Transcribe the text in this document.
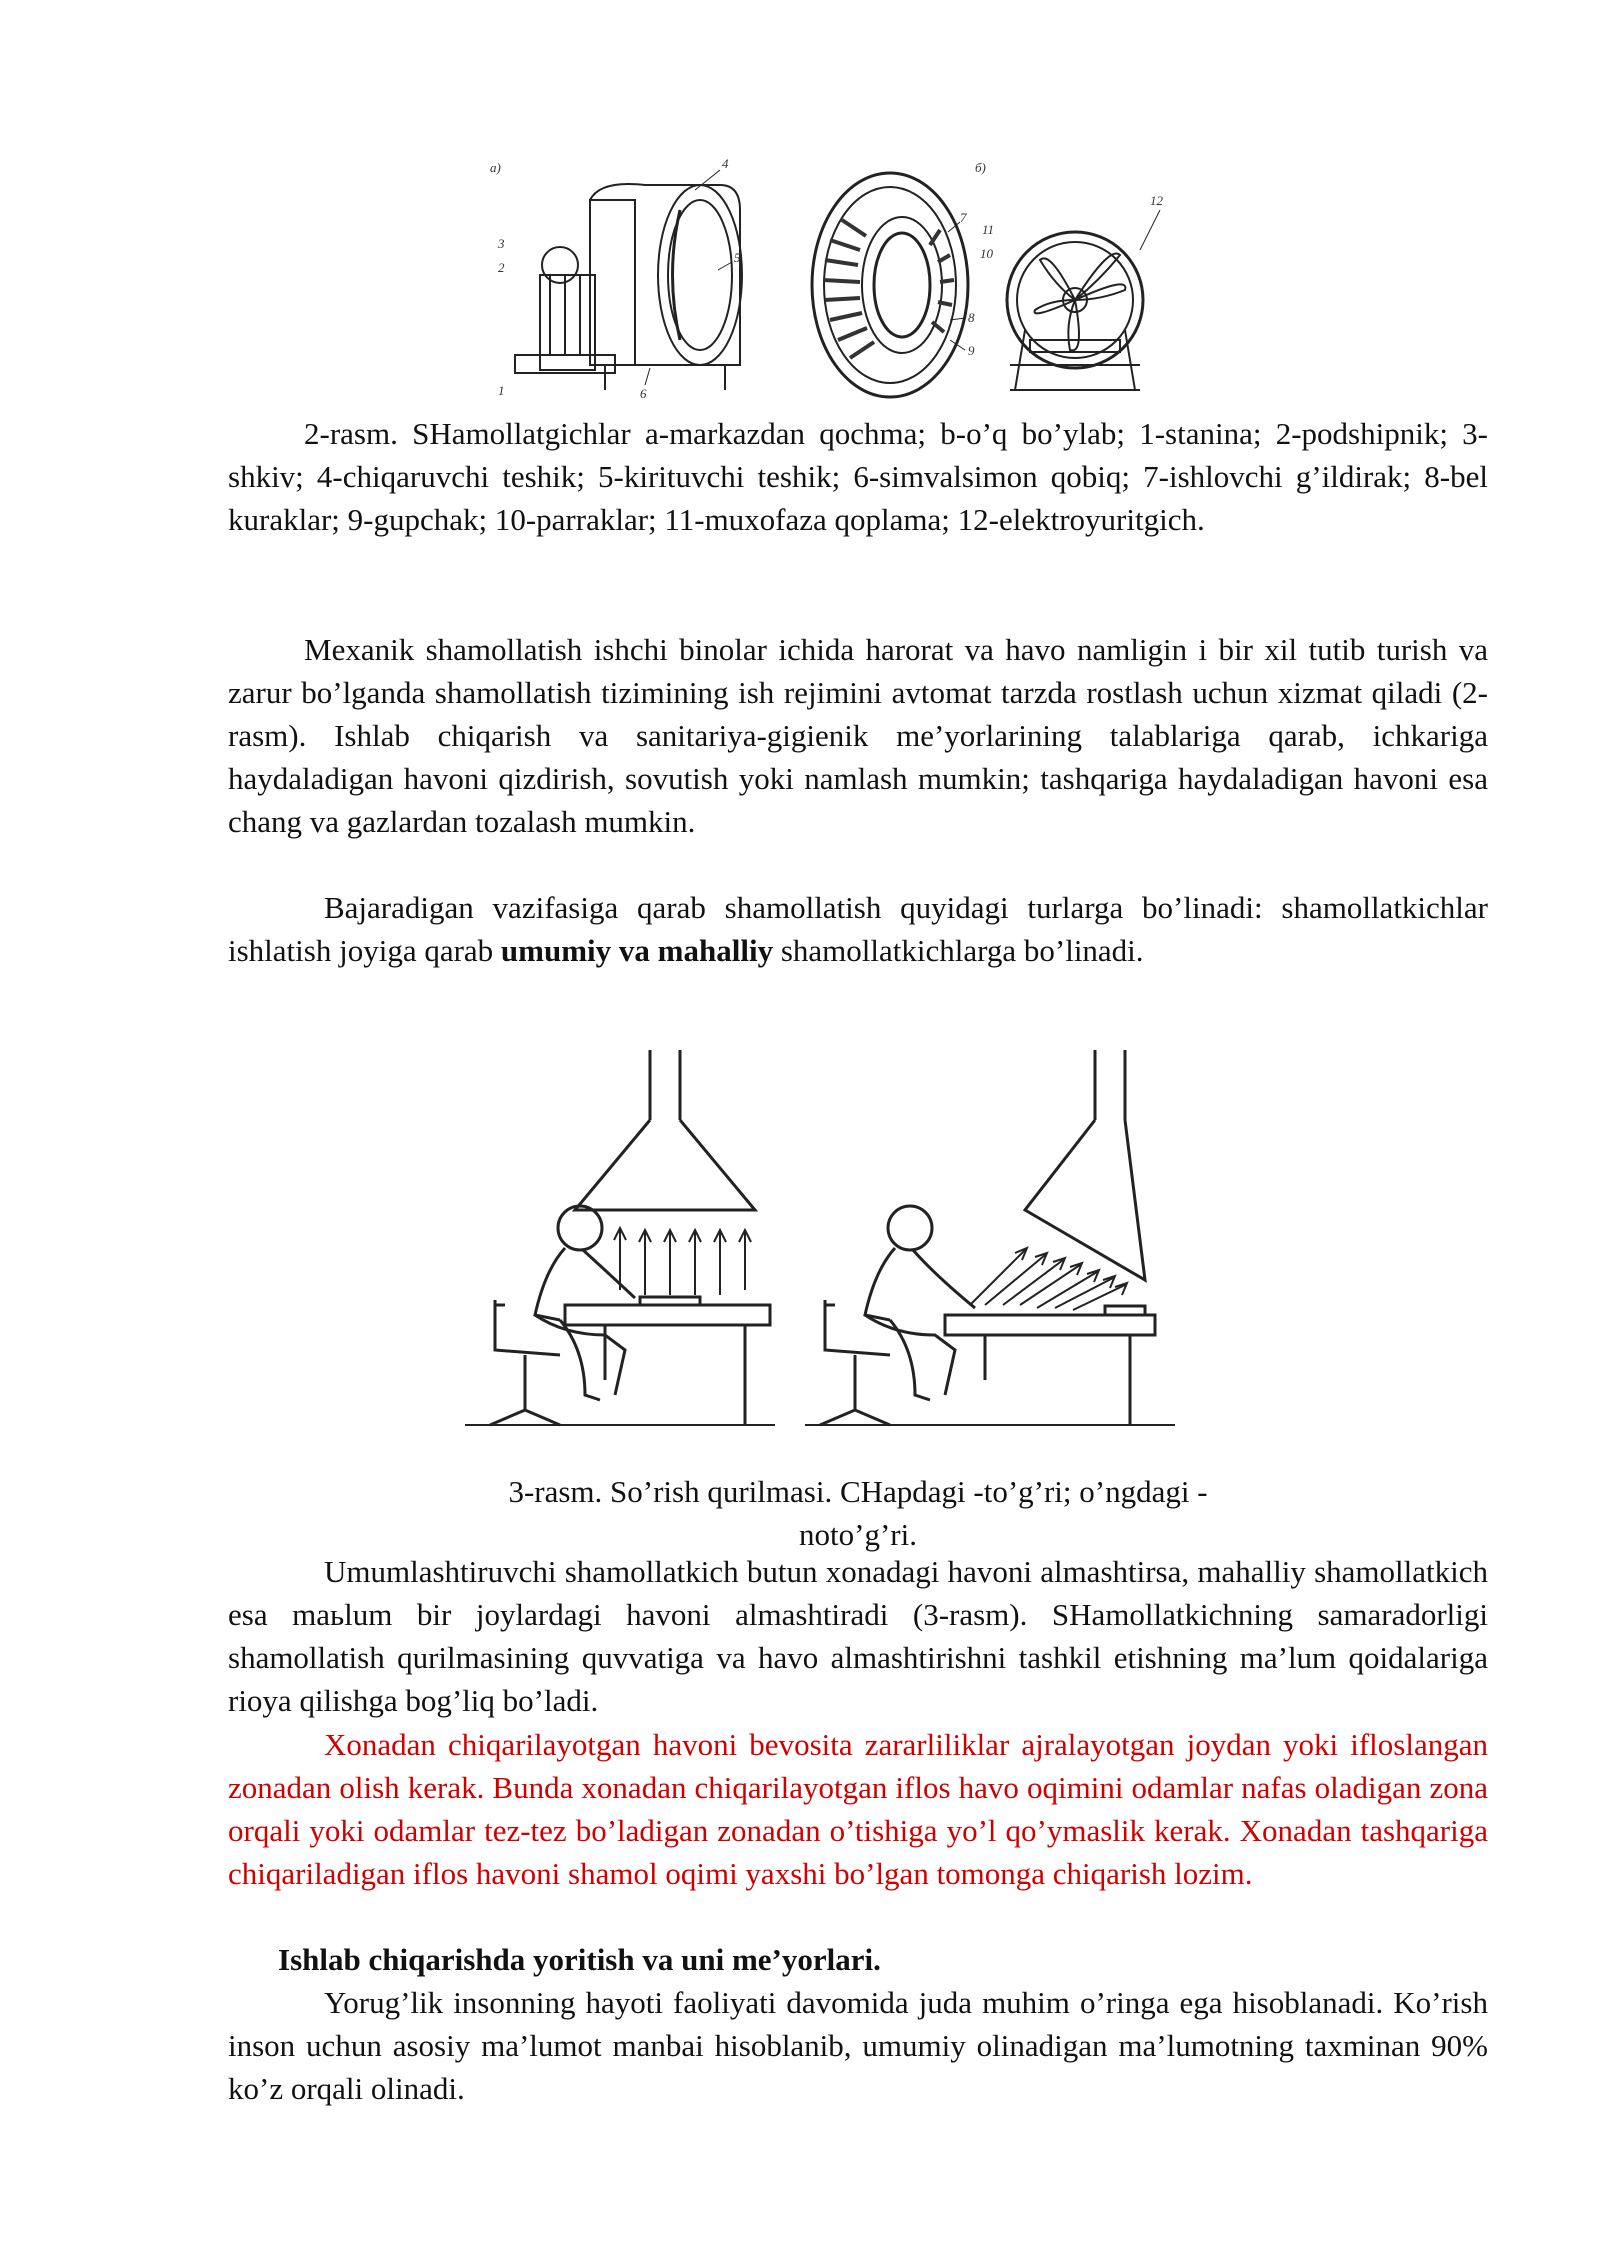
a)	б)
1
2
3
4
5
6
7
8
9
10
11
12

2-rasm. SHamollatgichlar a-markazdan qochma; b-o’q bo’ylab; 1-stanina; 2-podshipnik; 3-shkiv; 4-chiqaruvchi teshik; 5-kirituvchi teshik; 6-simvalsimon qobiq; 7-ishlovchi g’ildirak; 8-bel kuraklar; 9-gupchak; 10-parraklar; 11-muxofaza qoplama; 12-elektroyuritgich.

Mexanik shamollatish ishchi binolar ichida harorat va havo namligin i bir xil tutib turish va zarur bo’lganda shamollatish tizimining ish rejimini avtomat tarzda rostlash uchun xizmat qiladi (2-rasm). Ishlab chiqarish va sanitariya-gigienik me’yorlarining talablariga qarab, ichkariga haydaladigan havoni qizdirish, sovutish yoki namlash mumkin; tashqariga haydaladigan havoni esa chang va gazlardan tozalash mumkin.

Bajaradigan vazifasiga qarab shamollatish quyidagi turlarga bo’linadi: shamollatkichlar ishlatish joyiga qarab umumiy va mahalliy shamollatkichlarga bo’linadi.

3-rasm. So’rish qurilmasi. CHapdagi -to’g’ri; o’ngdagi -

noto’g’ri.

Umumlashtiruvchi shamollatkich butun xonadagi havoni almashtirsa, mahalliy shamollatkich esa maьlum bir joylardagi havoni almashtiradi (3-rasm). SHamollatkichning samaradorligi shamollatish qurilmasining quvvatiga va havo almashtirishni tashkil etishning ma’lum qoidalariga rioya qilishga bog’liq bo’ladi.

Xonadan chiqarilayotgan havoni bevosita zararliliklar ajralayotgan joydan yoki ifloslangan zonadan olish kerak. Bunda xonadan chiqarilayotgan iflos havo oqimini odamlar nafas oladigan zona orqali yoki odamlar tez-tez bo’ladigan zonadan o’tishiga yo’l qo’ymaslik kerak. Xonadan tashqariga chiqariladigan iflos havoni shamol oqimi yaxshi bo’lgan tomonga chiqarish lozim.

Ishlab chiqarishda yoritish va uni me’yorlari.

Yorug’lik insonning hayoti faoliyati davomida juda muhim o’ringa ega hisoblanadi. Ko’rish inson uchun asosiy ma’lumot manbai hisoblanib, umumiy olinadigan ma’lumotning taxminan 90% ko’z orqali olinadi.
